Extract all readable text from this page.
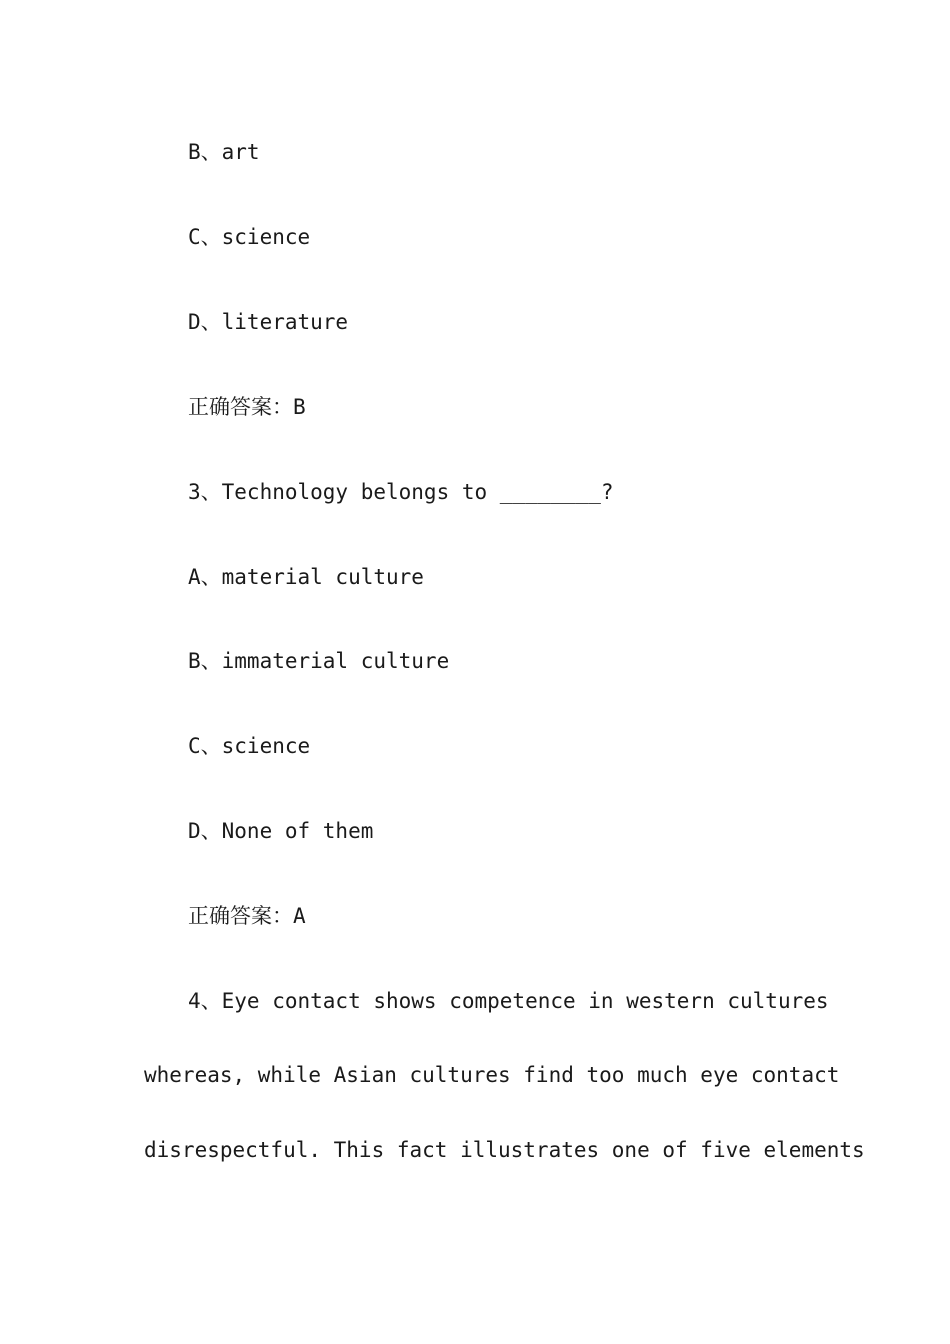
B、art
C、science
D、literature
正确答案：B
3、Technology belongs to ________?
A、material culture
B、immaterial culture
C、science
D、None of them
正确答案：A
4、Eye contact shows competence in western cultures
whereas, while Asian cultures find too much eye contact
disrespectful. This fact illustrates one of five elements
